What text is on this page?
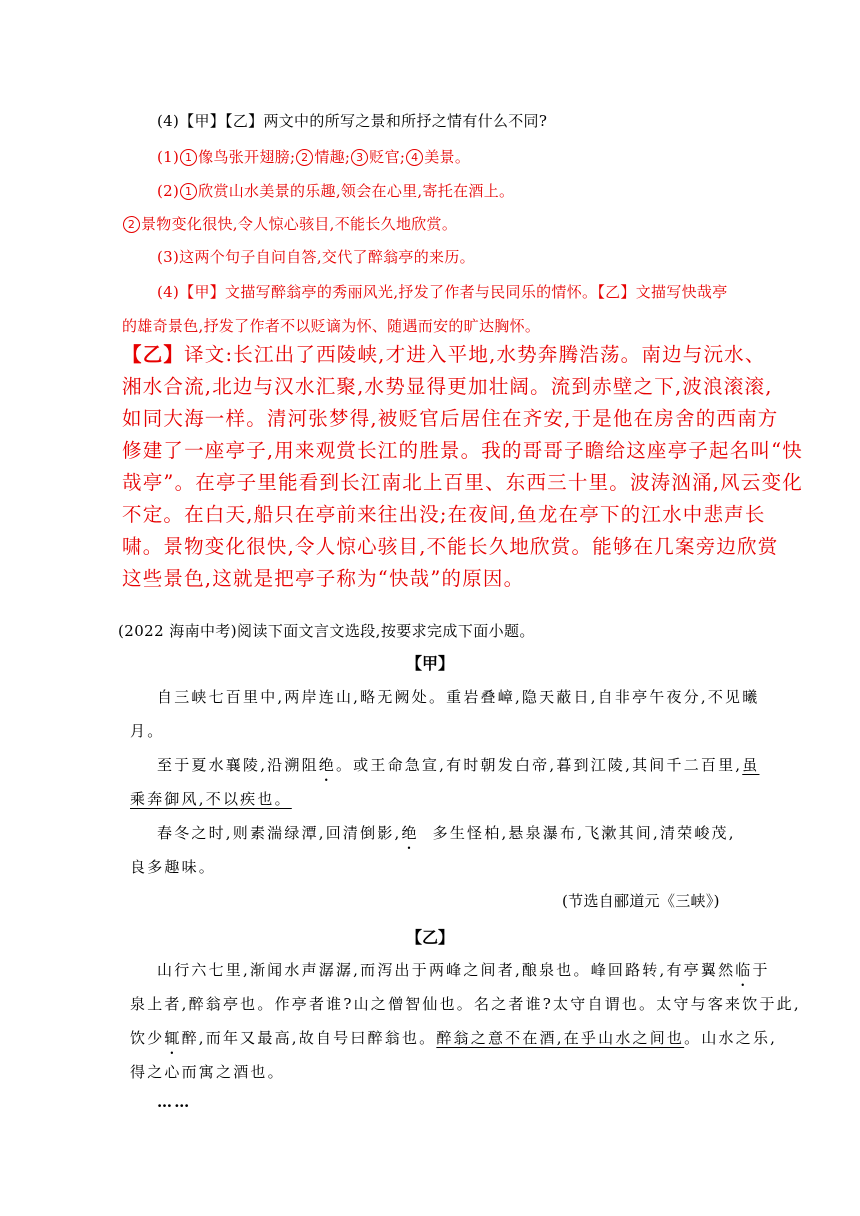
(4)【甲】【乙】两文中的所写之景和所抒之情有什么不同?
(1) 1 像鸟张开翅膀; 2 情趣; 3 贬官; 4 美景。
(2) 1 欣赏山水美景的乐趣,领会在心里,寄托在酒上。
2 景物变化很快,令人惊心骇目,不能长久地欣赏。
(3)这两个句子自问自答,交代了醉翁亭的来历。
(4)【甲】文描写醉翁亭的秀丽风光,抒发了作者与民同乐的情怀。【乙】文描写快哉亭
的雄奇景色,抒发了作者不以贬谪为怀、随遇而安的旷达胸怀。
【乙】译文:长江出了西陵峡,才进入平地,水势奔腾浩荡。南边与沅水、
湘水合流,北边与汉水汇聚,水势显得更加壮阔。流到赤壁之下,波浪滚滚,
如同大海一样。清河张梦得,被贬官后居住在齐安,于是他在房舍的西南方
修建了一座亭子,用来观赏长江的胜景。我的哥哥子瞻给这座亭子起名叫“快
哉亭”。在亭子里能看到长江南北上百里、东西三十里。波涛汹涌,风云变化
不定。在白天,船只在亭前来往出没;在夜间,鱼龙在亭下的江水中悲声长
啸。景物变化很快,令人惊心骇目,不能长久地欣赏。能够在几案旁边欣赏
这些景色,这就是把亭子称为“快哉”的原因。
(2022 海南中考)阅读下面文言文选段,按要求完成下面小题。
【甲】
自三峡七百里中,两岸连山,略无阙处。重岩叠嶂,隐天蔽日,自非亭午夜分,不见曦
月。
至于夏水襄陵,沿溯阻绝。或王命急宣,有时朝发白帝,暮到江陵,其间千二百里,虽
乘奔御风,不以疾也。
春冬之时,则素湍绿潭,回清倒影,绝  多生怪柏,悬泉瀑布,飞漱其间,清荣峻茂,
良多趣味。
(节选自郦道元《三峡》)
【乙】
山行六七里,渐闻水声潺潺,而泻出于两峰之间者,酿泉也。峰回路转,有亭翼然临于
泉上者,醉翁亭也。作亭者谁?山之僧智仙也。名之者谁?太守自谓也。太守与客来饮于此,
饮少辄醉,而年又最高,故自号曰醉翁也。醉翁之意不在酒,在乎山水之间也。山水之乐,
得之心而寓之酒也。
……
